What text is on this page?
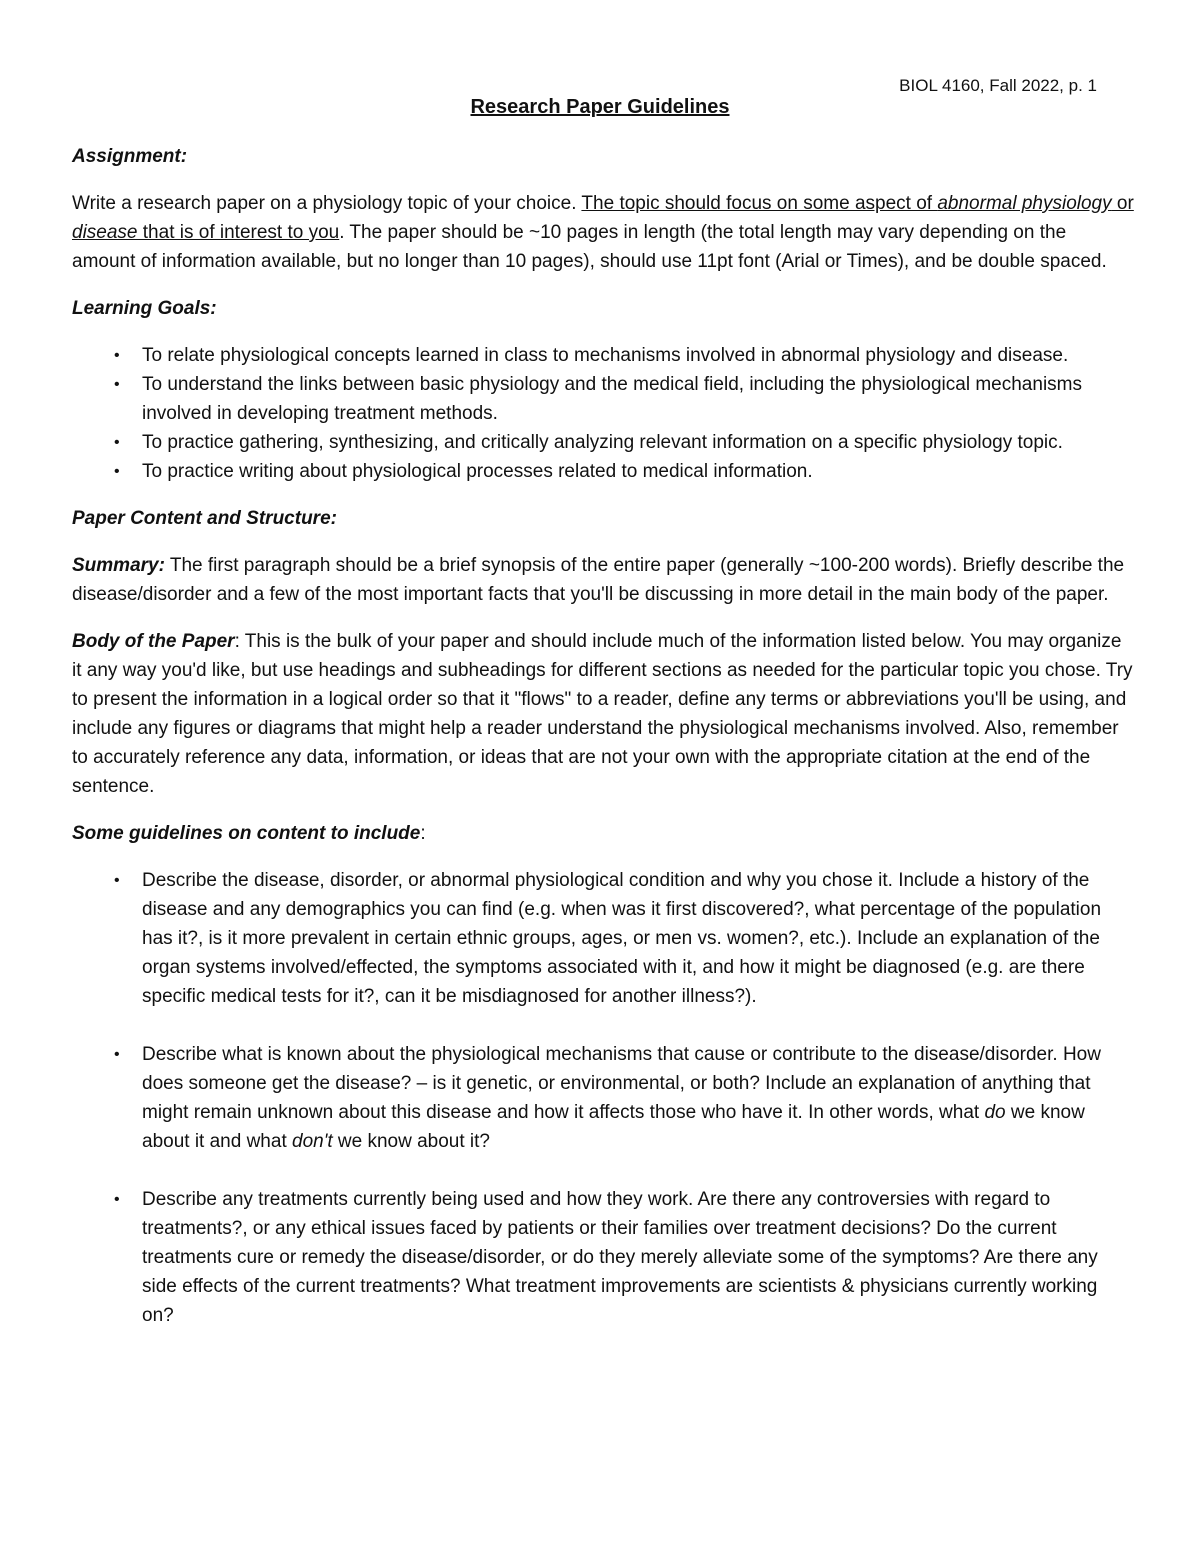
BIOL 4160, Fall 2022, p. 1
Research Paper Guidelines
Assignment:

Write a research paper on a physiology topic of your choice. The topic should focus on some aspect of abnormal physiology or disease that is of interest to you. The paper should be ~10 pages in length (the total length may vary depending on the amount of information available, but no longer than 10 pages), should use 11pt font (Arial or Times), and be double spaced.

Learning Goals:
• To relate physiological concepts learned in class to mechanisms involved in abnormal physiology and disease.
• To understand the links between basic physiology and the medical field, including the physiological mechanisms involved in developing treatment methods.
• To practice gathering, synthesizing, and critically analyzing relevant information on a specific physiology topic.
• To practice writing about physiological processes related to medical information.
Paper Content and Structure:

Summary: The first paragraph should be a brief synopsis of the entire paper (generally ~100-200 words). Briefly describe the disease/disorder and a few of the most important facts that you'll be discussing in more detail in the main body of the paper.

Body of the Paper: This is the bulk of your paper and should include much of the information listed below. You may organize it any way you'd like, but use headings and subheadings for different sections as needed for the particular topic you chose. Try to present the information in a logical order so that it "flows" to a reader, define any terms or abbreviations you'll be using, and include any figures or diagrams that might help a reader understand the physiological mechanisms involved. Also, remember to accurately reference any data, information, or ideas that are not your own with the appropriate citation at the end of the sentence.

Some guidelines on content to include:
• Describe the disease, disorder, or abnormal physiological condition and why you chose it. Include a history of the disease and any demographics you can find (e.g. when was it first discovered?, what percentage of the population has it?, is it more prevalent in certain ethnic groups, ages, or men vs. women?, etc.). Include an explanation of the organ systems involved/effected, the symptoms associated with it, and how it might be diagnosed (e.g. are there specific medical tests for it?, can it be misdiagnosed for another illness?).
• Describe what is known about the physiological mechanisms that cause or contribute to the disease/disorder. How does someone get the disease? – is it genetic, or environmental, or both? Include an explanation of anything that might remain unknown about this disease and how it affects those who have it. In other words, what do we know about it and what don't we know about it?
• Describe any treatments currently being used and how they work. Are there any controversies with regard to treatments?, or any ethical issues faced by patients or their families over treatment decisions? Do the current treatments cure or remedy the disease/disorder, or do they merely alleviate some of the symptoms? Are there any side effects of the current treatments? What treatment improvements are scientists & physicians currently working on?
